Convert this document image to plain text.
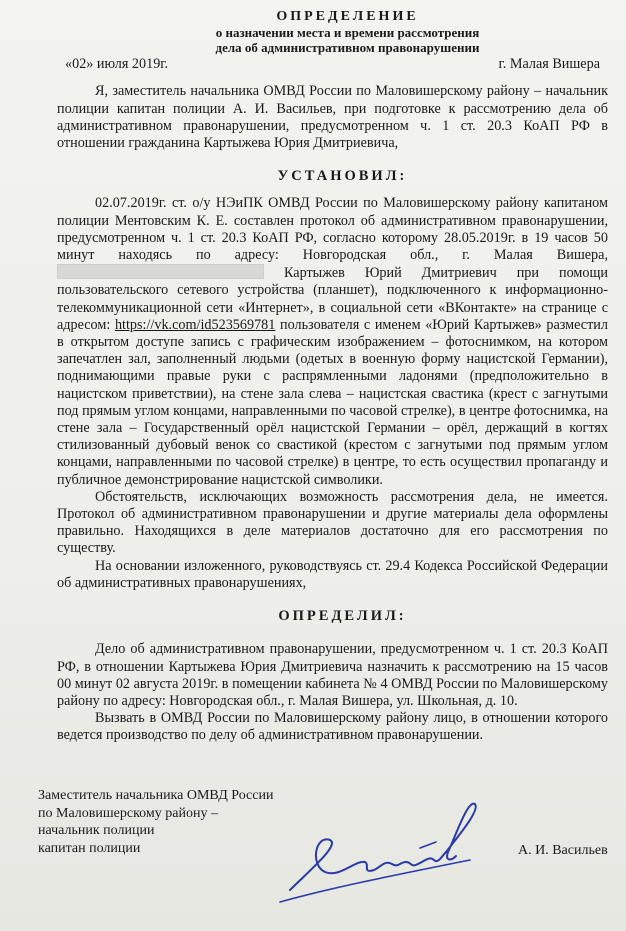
ОПРЕДЕЛЕНИЕ
о назначении места и времени рассмотрения
дела об административном правонарушении
«02» июля 2019г.	г. Малая Вишера

Я, заместитель начальника ОМВД России по Маловишерскому району – начальник полиции капитан полиции А. И. Васильев, при подготовке к рассмотрению дела об административном правонарушении, предусмотренном ч. 1 ст. 20.3 КоАП РФ в отношении гражданина Картыжева Юрия Дмитриевича,

УСТАНОВИЛ:

02.07.2019г. ст. о/у НЭиПК ОМВД России по Маловишерскому району капитаном полиции Ментовским К. Е. составлен протокол об административном правонарушении, предусмотренном ч. 1 ст. 20.3 КоАП РФ, согласно которому 28.05.2019г. в 19 часов 50 минут находясь по адресу: Новгородская обл., г. Малая Вишера,  Картыжев Юрий Дмитриевич при помощи пользовательского сетевого устройства (планшет), подключенного к информационно-телекоммуникационной сети «Интернет», в социальной сети «ВКонтакте» на странице с адресом: https://vk.com/id523569781 пользователя с именем «Юрий Картыжев» разместил в открытом доступе запись с графическим изображением – фотоснимком, на котором запечатлен зал, заполненный людьми (одетых в военную форму нацистской Германии), поднимающими правые руки с распрямленными ладонями (предположительно в нацистском приветствии), на стене зала слева – нацистская свастика (крест с загнутыми под прямым углом концами, направленными по часовой стрелке), в центре фотоснимка, на стене зала – Государственный орёл нацистской Германии – орёл, держащий в когтях стилизованный дубовый венок со свастикой (крестом с загнутыми под прямым углом концами, направленными по часовой стрелке) в центре, то есть осуществил пропаганду и публичное демонстрирование нацистской символики.

Обстоятельств, исключающих возможность рассмотрения дела, не имеется. Протокол об административном правонарушении и другие материалы дела оформлены правильно. Находящихся в деле материалов достаточно для его рассмотрения по существу.

На основании изложенного, руководствуясь ст. 29.4 Кодекса Российской Федерации об административных правонарушениях,

ОПРЕДЕЛИЛ:

Дело об административном правонарушении, предусмотренном ч. 1 ст. 20.3 КоАП РФ, в отношении Картыжева Юрия Дмитриевича назначить к рассмотрению на 15 часов 00 минут 02 августа 2019г. в помещении кабинета № 4 ОМВД России по Маловишерскому району по адресу: Новгородская обл., г. Малая Вишера, ул. Школьная, д. 10.

Вызвать в ОМВД России по Маловишерскому району лицо, в отношении которого ведется производство по делу об административном правонарушении.

Заместитель начальника ОМВД России
по Маловишерскому району –
начальник полиции
капитан полиции	А. И. Васильев
